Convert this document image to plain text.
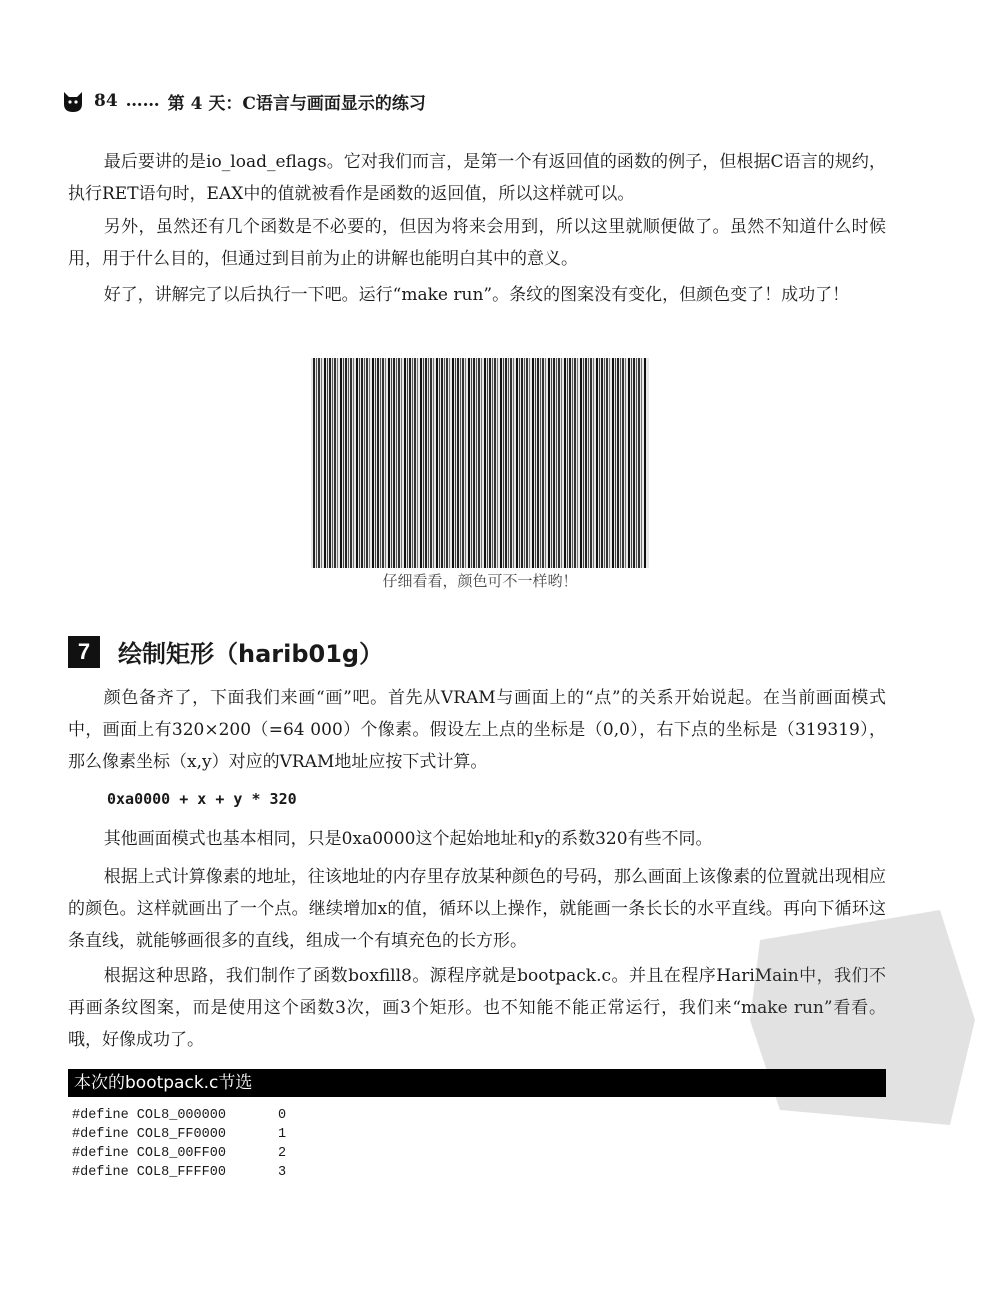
84 …… 第 4 天：C语言与画面显示的练习

最后要讲的是io_load_eflags。它对我们而言，是第一个有返回值的函数的例子，但根据C语言的规约，执行RET语句时，EAX中的值就被看作是函数的返回值，所以这样就可以。

另外，虽然还有几个函数是不必要的，但因为将来会用到，所以这里就顺便做了。虽然不知道什么时候用，用于什么目的，但通过到目前为止的讲解也能明白其中的意义。

好了，讲解完了以后执行一下吧。运行“make run”。条纹的图案没有变化，但颜色变了！成功了！

仔细看看，颜色可不一样哟！
7	绘制矩形（harib01g）

颜色备齐了，下面我们来画“画”吧。首先从VRAM与画面上的“点”的关系开始说起。在当前画面模式中，画面上有320×200（=64 000）个像素。假设左上点的坐标是（0,0），右下点的坐标是（319319），那么像素坐标（x,y）对应的VRAM地址应按下式计算。

0xa0000 + x + y * 320

其他画面模式也基本相同，只是0xa0000这个起始地址和y的系数320有些不同。

根据上式计算像素的地址，往该地址的内存里存放某种颜色的号码，那么画面上该像素的位置就出现相应的颜色。这样就画出了一个点。继续增加x的值，循环以上操作，就能画一条长长的水平直线。再向下循环这条直线，就能够画很多的直线，组成一个有填充色的长方形。

根据这种思路，我们制作了函数boxfill8。源程序就是bootpack.c。并且在程序HariMain中，我们不再画条纹图案，而是使用这个函数3次，画3个矩形。也不知能不能正常运行，我们来“make run”看看。哦，好像成功了。

本次的bootpack.c节选
#define COL8_000000	0
#define COL8_FF0000	1
#define COL8_00FF00	2
#define COL8_FFFF00	3
